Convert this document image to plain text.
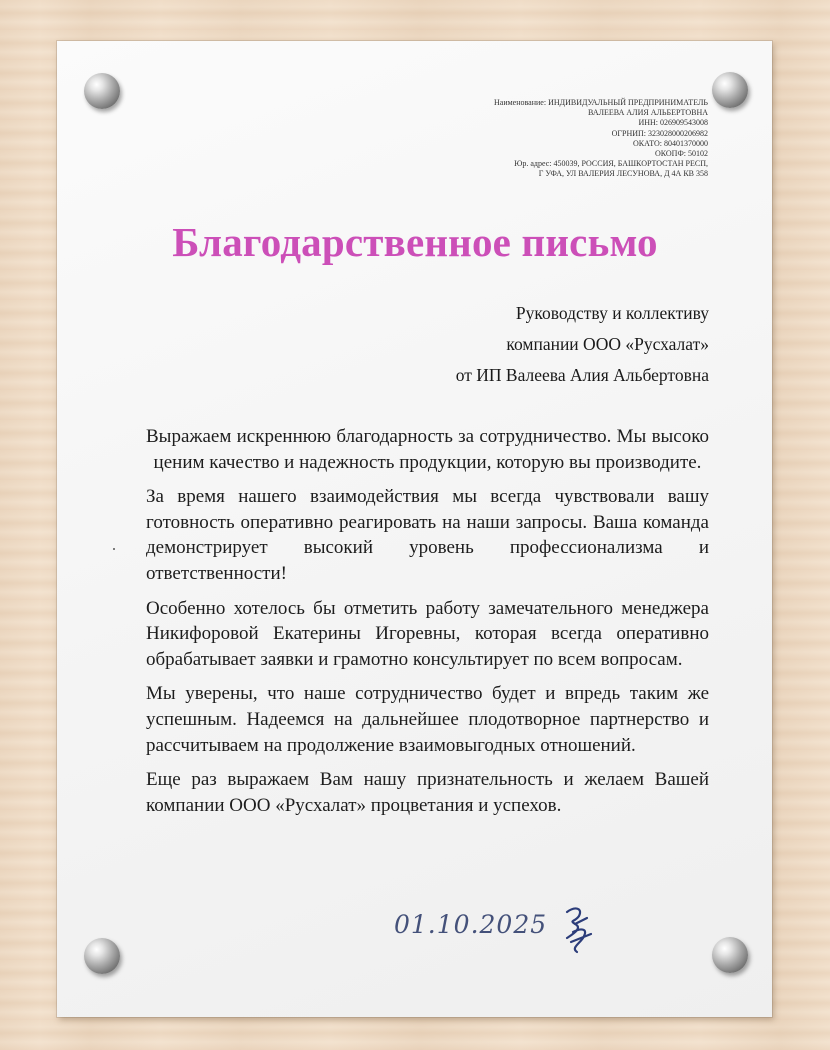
Наименование: ИНДИВИДУАЛЬНЫЙ ПРЕДПРИНИМАТЕЛЬ
ВАЛЕЕВА АЛИЯ АЛЬБЕРТОВНА
ИНН: 026909543008
ОГРНИП: 323028000206982
ОКАТО: 80401370000
ОКОПФ: 50102
Юр. адрес: 450039, РОССИЯ, БАШКОРТОСТАН РЕСП,
Г УФА, УЛ ВАЛЕРИЯ ЛЕСУНОВА, Д 4А КВ 358
Благодарственное письмо
Руководству и коллективу
компании ООО «Русхалат»
от ИП Валеева Алия Альбертовна

Выражаем искреннюю благодарность за сотрудничество. Мы высоко ценим качество и надежность продукции, которую вы производите.

За время нашего взаимодействия мы всегда чувствовали вашу готовность оперативно реагировать на наши запросы. Ваша команда демонстрирует высокий уровень профессионализма и ответственности!

Особенно хотелось бы отметить работу замечательного менеджера Никифоровой Екатерины Игоревны, которая всегда оперативно обрабатывает заявки и грамотно консультирует по всем вопросам.

Мы уверены, что наше сотрудничество будет и впредь таким же успешным. Надеемся на дальнейшее плодотворное партнерство и рассчитываем на продолжение взаимовыгодных отношений.

Еще раз выражаем Вам нашу признательность и желаем Вашей компании ООО «Русхалат» процветания и успехов.

01.10.2025
